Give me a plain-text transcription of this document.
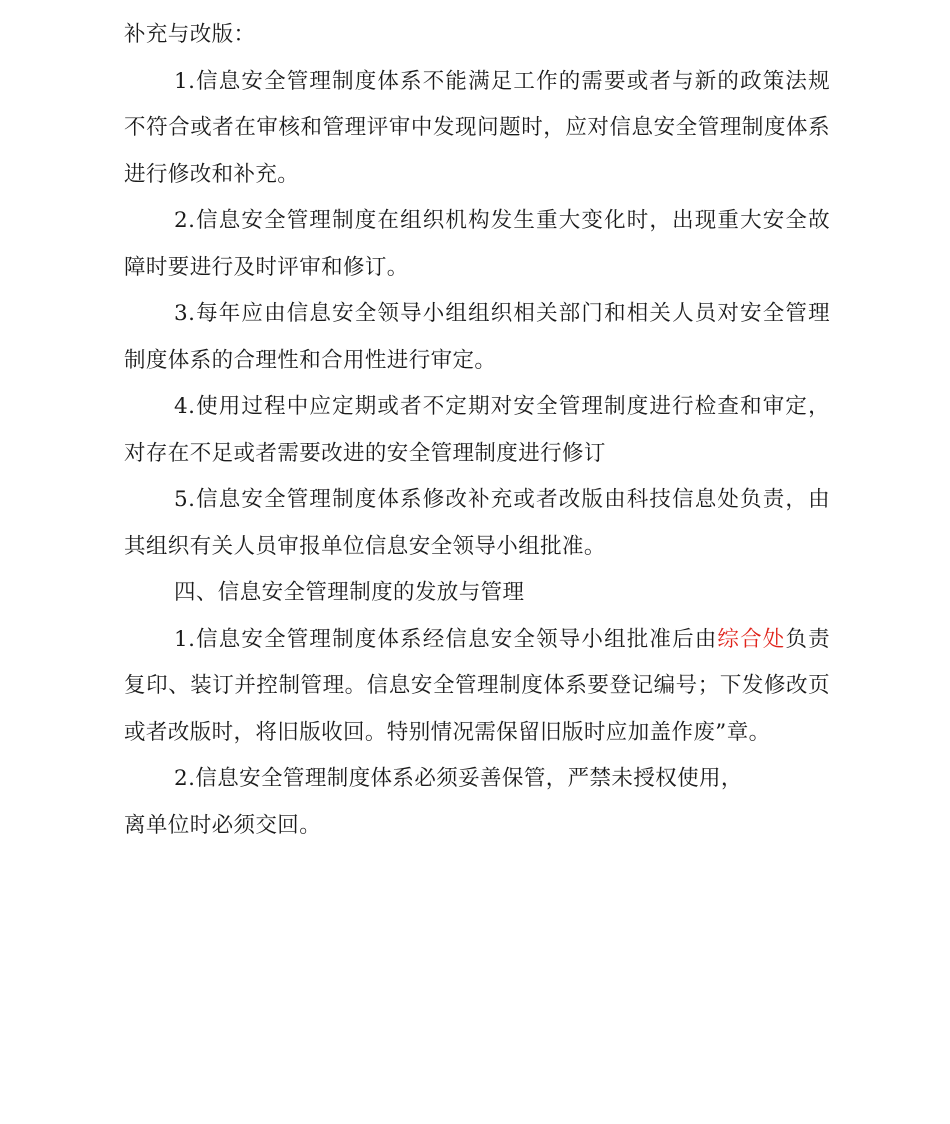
补充与改版：

1.信息安全管理制度体系不能满足工作的需要或者与新的政策法规不符合或者在审核和管理评审中发现问题时，应对信息安全管理制度体系进行修改和补充。

2.信息安全管理制度在组织机构发生重大变化时，出现重大安全故障时要进行及时评审和修订。

3.每年应由信息安全领导小组组织相关部门和相关人员对安全管理制度体系的合理性和合用性进行审定。

4.使用过程中应定期或者不定期对安全管理制度进行检查和审定，对存在不足或者需要改进的安全管理制度进行修订

5.信息安全管理制度体系修改补充或者改版由科技信息处负责，由其组织有关人员审报单位信息安全领导小组批准。

四、信息安全管理制度的发放与管理

1.信息安全管理制度体系经信息安全领导小组批准后由综合处负责复印、装订并控制管理。信息安全管理制度体系要登记编号；下发修改页或者改版时，将旧版收回。特别情况需保留旧版时应加盖作废”章。

2.信息安全管理制度体系必须妥善保管，严禁未授权使用，

离单位时必须交回。
